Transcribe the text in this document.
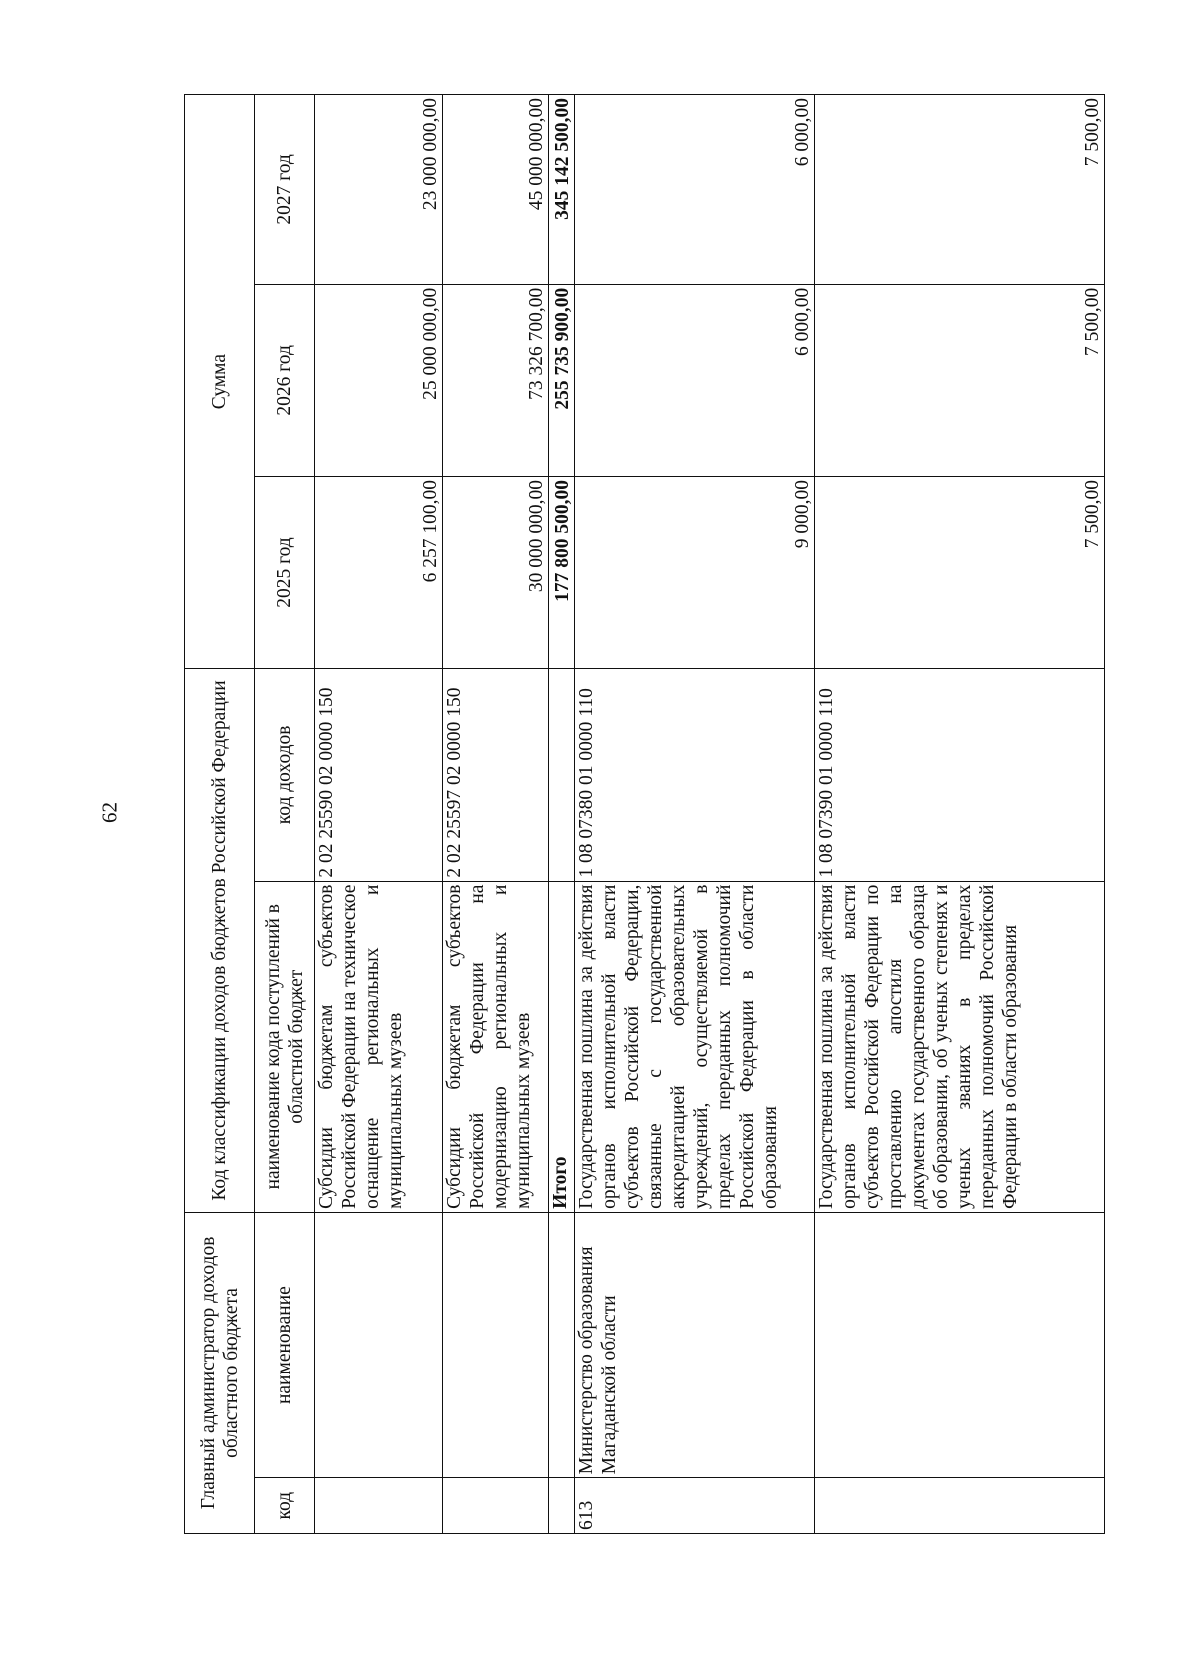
62
Главный администратор доходов областного бюджета		Код классификации доходов бюджетов Российской Федерации		Сумма		
код	наименование	наименование кода поступлений в областной бюджет	код доходов	2025 год	2026 год	2027 год
		Субсидии бюджетам субъектов Российской Федерации на техническое оснащение региональных и муниципальных музеев	2 02 25590 02 0000 150	6 257 100,00	25 000 000,00	23 000 000,00
		Субсидии бюджетам субъектов Российской Федерации на модернизацию региональных и муниципальных музеев	2 02 25597 02 0000 150	30 000 000,00	73 326 700,00	45 000 000,00
		Итого		177 800 500,00	255 735 900,00	345 142 500,00
613	Министерство образования Магаданской области	Государственная пошлина за действия органов исполнительной власти субъектов Российской Федерации, связанные с государственной аккредитацией образовательных учреждений, осуществляемой в пределах переданных полномочий Российской Федерации в области образования	1 08 07380 01 0000 110	9 000,00	6 000,00	6 000,00
		Государственная пошлина за действия органов исполнительной власти субъектов Российской Федерации по проставлению апостиля на документах государственного образца об образовании, об ученых степенях и ученых званиях в пределах переданных полномочий Российской Федерации в области образования	1 08 07390 01 0000 110	7 500,00	7 500,00	7 500,00
